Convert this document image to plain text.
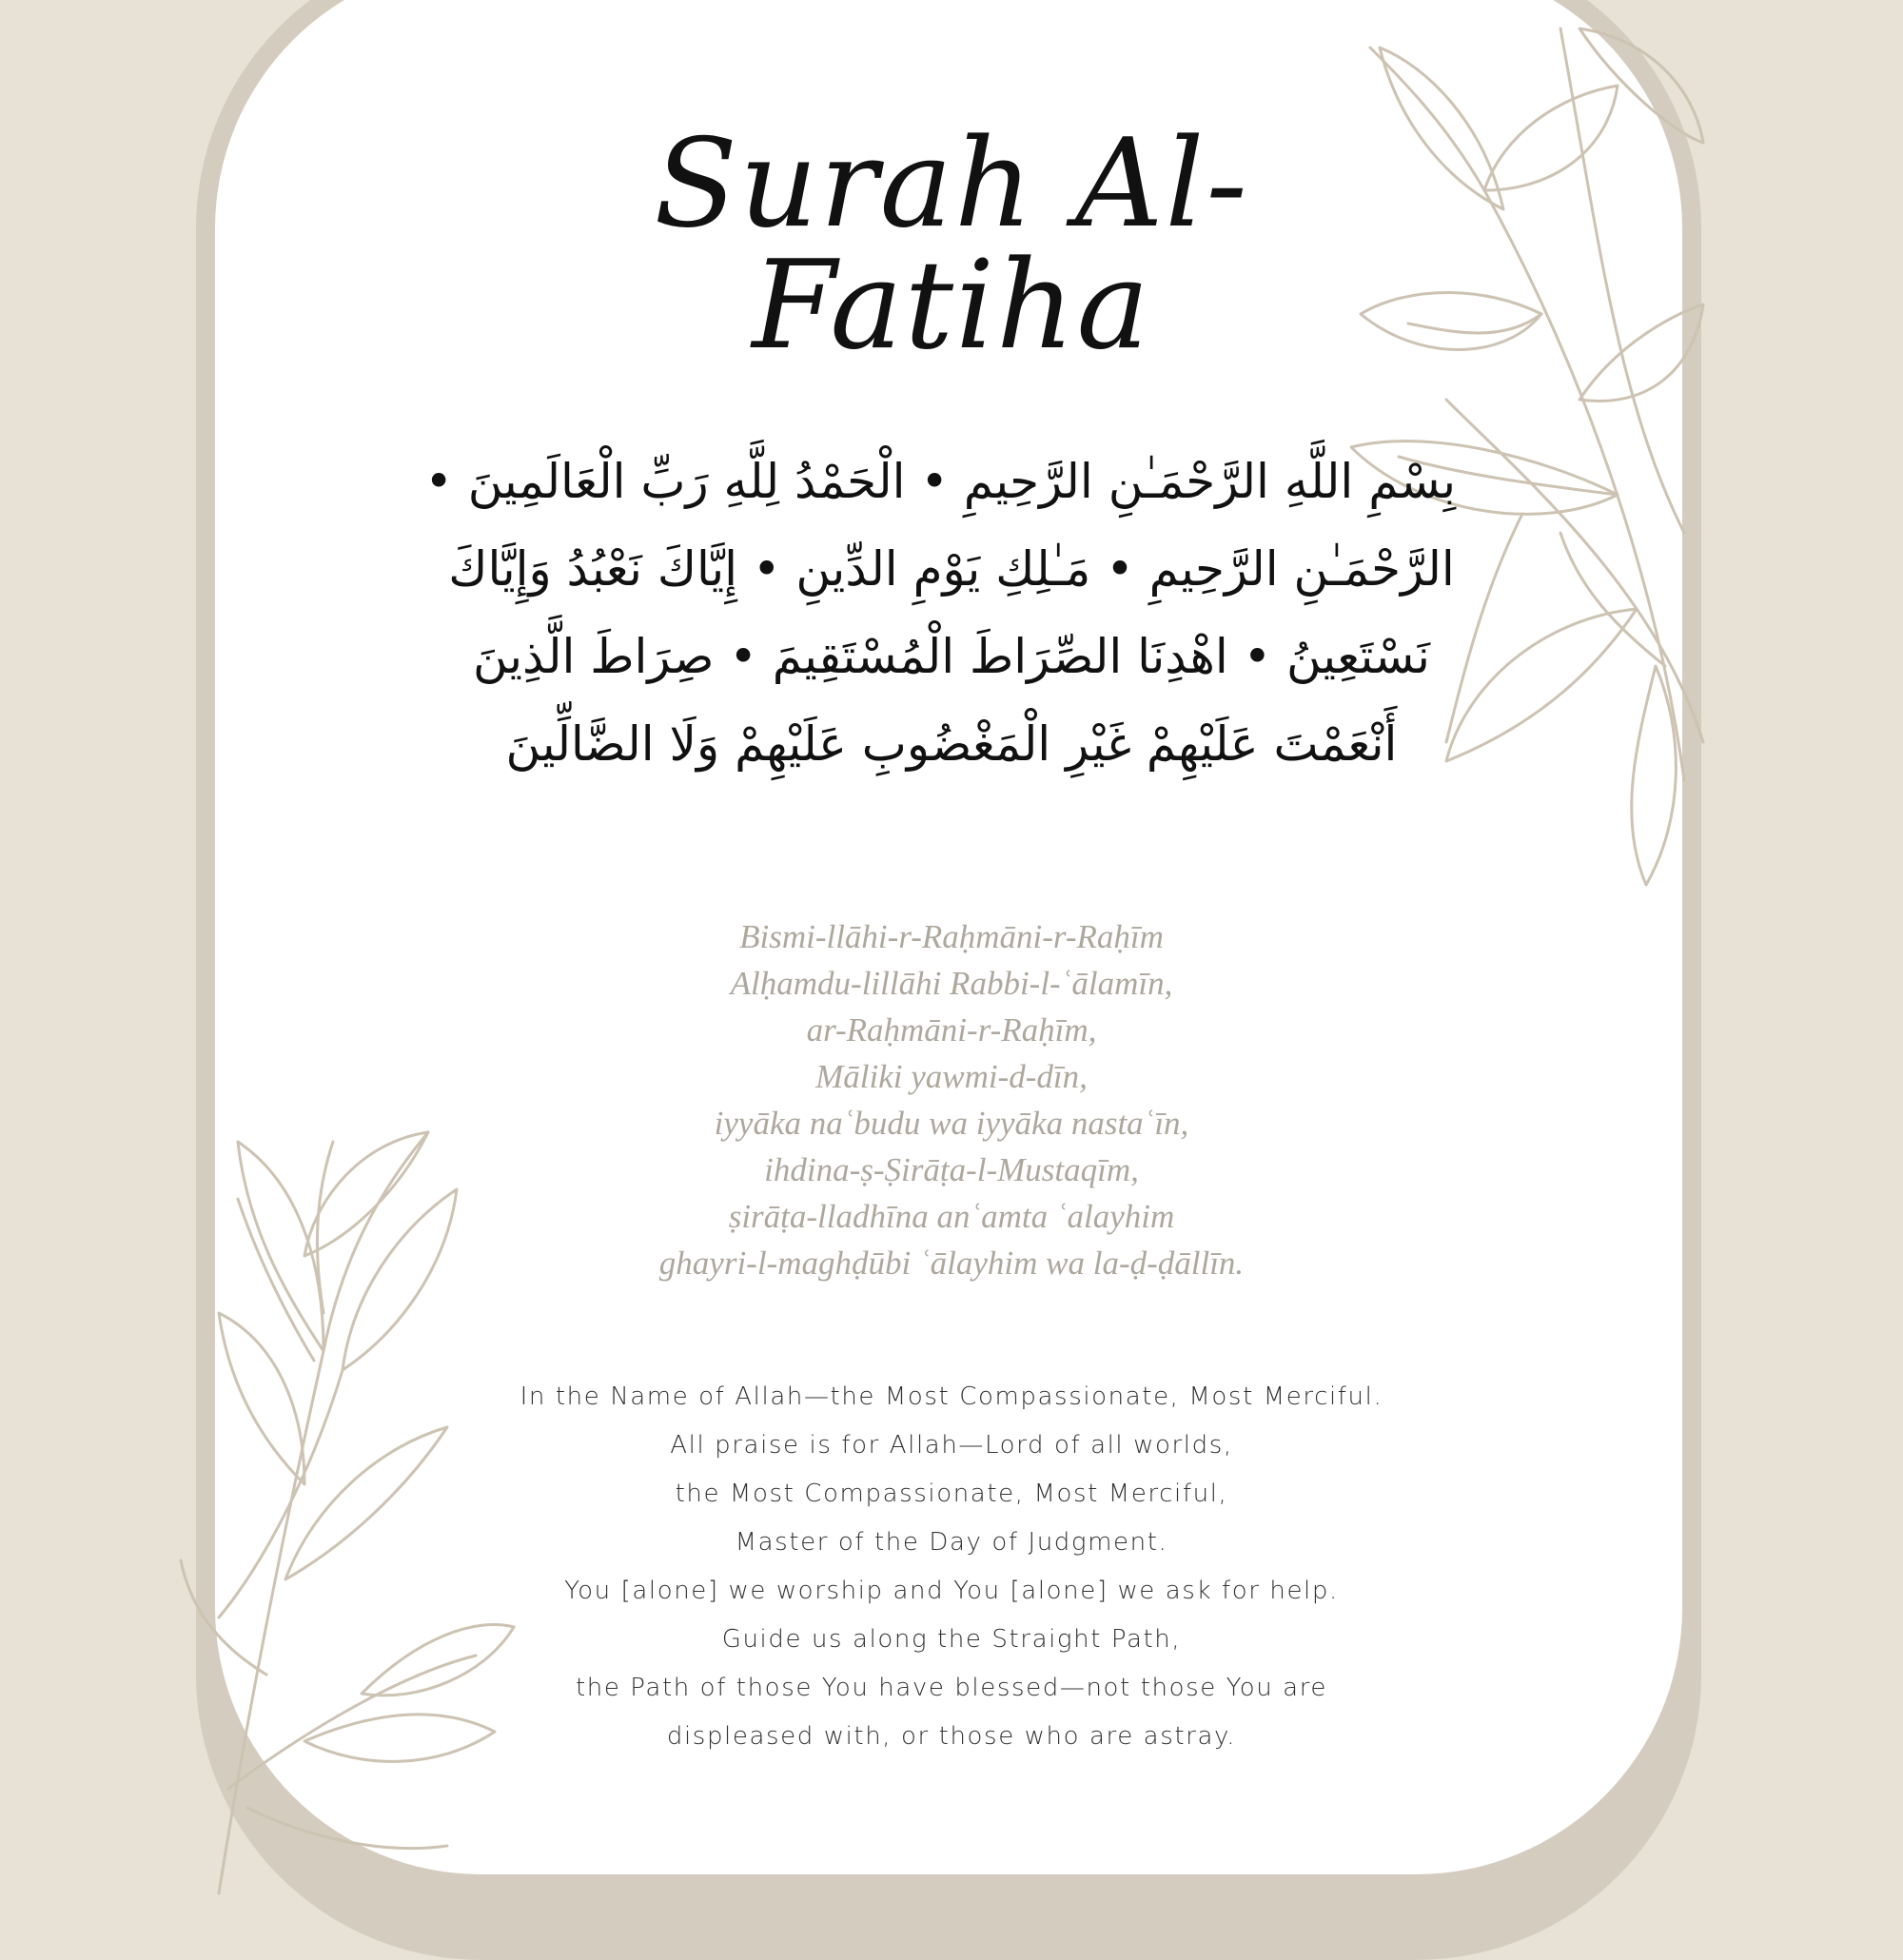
Surah Al-Fatiha
بِسْمِ اللَّهِ الرَّحْمَـٰنِ الرَّحِيمِ • الْحَمْدُ لِلَّهِ رَبِّ الْعَالَمِينَ •
الرَّحْمَـٰنِ الرَّحِيمِ • مَـٰلِكِ يَوْمِ الدِّينِ • إِيَّاكَ نَعْبُدُ وَإِيَّاكَ
نَسْتَعِينُ • اهْدِنَا الصِّرَاطَ الْمُسْتَقِيمَ • صِرَاطَ الَّذِينَ
أَنْعَمْتَ عَلَيْهِمْ غَيْرِ الْمَغْضُوبِ عَلَيْهِمْ وَلَا الضَّالِّينَ
Bismi-llāhi-r-Raḥmāni-r-Raḥīm
Alḥamdu-lillāhi Rabbi-l-ʿālamīn,
ar-Raḥmāni-r-Raḥīm,
Māliki yawmi-d-dīn,
iyyāka naʿbudu wa iyyāka nastaʿīn,
ihdina-ṣ-Ṣirāṭa-l-Mustaqīm,
ṣirāṭa-lladhīna anʿamta ʿalayhim
ghayri-l-maghḍūbi ʿālayhim wa la-ḍ-ḍāllīn.
In the Name of Allah—the Most Compassionate, Most Merciful.
All praise is for Allah—Lord of all worlds,
the Most Compassionate, Most Merciful,
Master of the Day of Judgment.
You [alone] we worship and You [alone] we ask for help.
Guide us along the Straight Path,
the Path of those You have blessed—not those You are
displeased with, or those who are astray.
